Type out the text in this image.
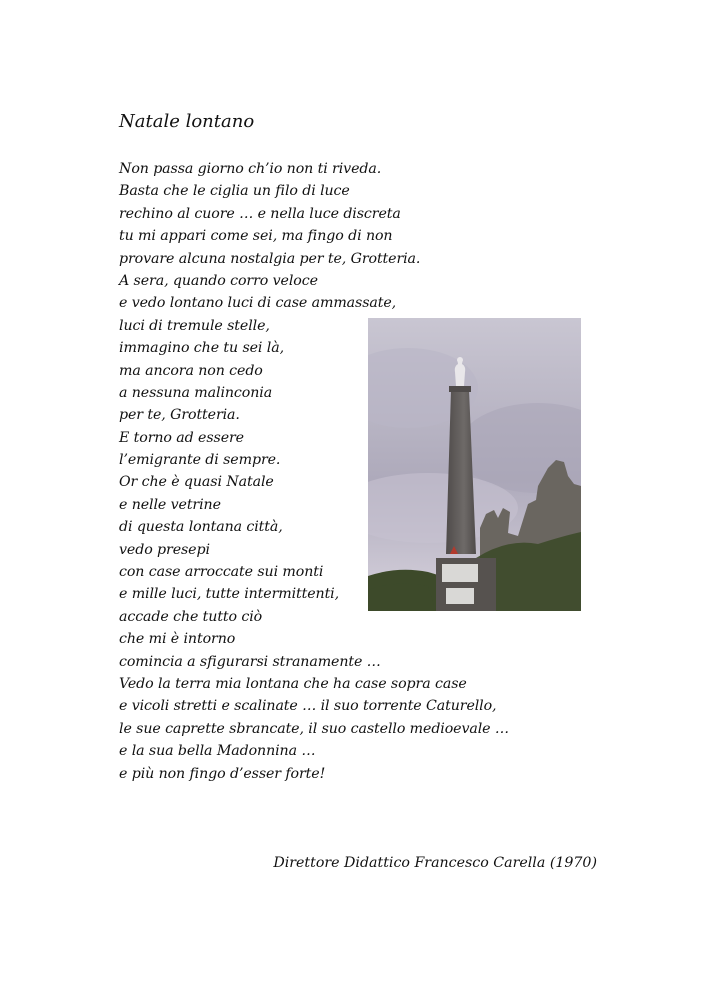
Natale lontano
Non passa giorno ch’io non ti riveda.
Basta che le ciglia un filo di luce
rechino al cuore … e nella luce discreta
tu mi appari come sei, ma fingo di non
provare alcuna nostalgia per te, Grotteria.
A sera, quando corro veloce
e vedo lontano luci di case ammassate,
luci di tremule stelle,
immagino che tu sei là,
ma ancora non cedo
a nessuna malinconia
per te, Grotteria.
E torno ad essere
l’emigrante di sempre.
Or che è quasi Natale
e nelle vetrine
di questa lontana città,
vedo presepi
con case arroccate sui monti
e mille luci, tutte intermittenti,
accade che tutto ciò
che mi è intorno
comincia a sfigurarsi stranamente …
Vedo la terra mia lontana che ha case sopra case
e vicoli stretti e scalinate … il suo torrente Caturello,
le sue caprette sbrancate, il suo castello medioevale …
e la sua bella Madonnina …
e più non fingo d’esser forte!
Direttore Didattico Francesco Carella (1970)
